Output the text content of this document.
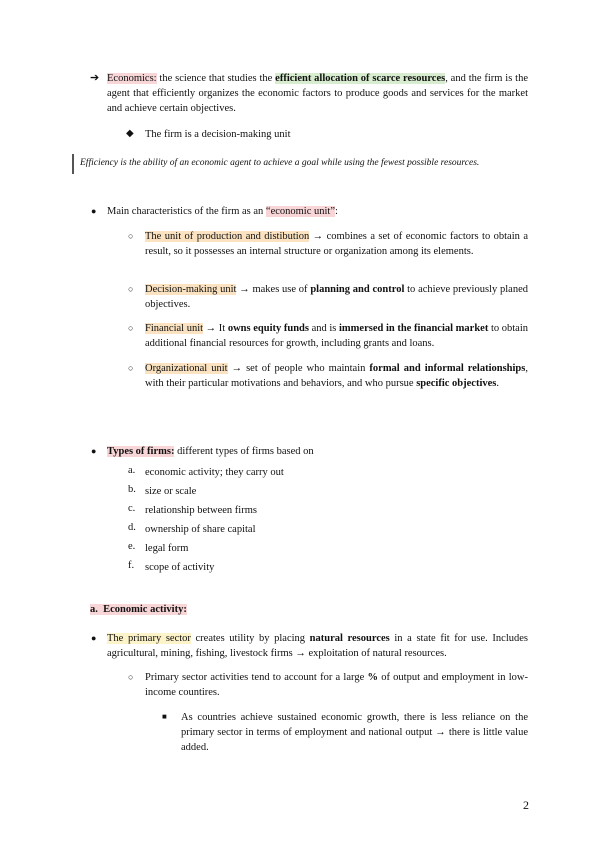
➔ Economics: the science that studies the efficient allocation of scarce resources, and the firm is the agent that efficiently organizes the economic factors to produce goods and services for the market and achieve certain objectives.
◆ The firm is a decision-making unit
Efficiency is the ability of an economic agent to achieve a goal while using the fewest possible resources.
● Main characteristics of the firm as an “economic unit”:
○ The unit of production and distibution → combines a set of economic factors to obtain a result, so it possesses an internal structure or organization among its elements.
○ Decision-making unit → makes use of planning and control to achieve previously planed objectives.
○ Financial unit → It owns equity funds and is immersed in the financial market to obtain additional financial resources for growth, including grants and loans.
○ Organizational unit → set of people who maintain formal and informal relationships, with their particular motivations and behaviors, and who pursue specific objectives.
● Types of firms: different types of firms based on
a. economic activity; they carry out
b. size or scale
c. relationship between firms
d. ownership of share capital
e. legal form
f. scope of activity
a. Economic activity:
● The primary sector creates utility by placing natural resources in a state fit for use. Includes agricultural, mining, fishing, livestock firms → exploitation of natural resources.
○ Primary sector activities tend to account for a large % of output and employment in low-income countires.
■ As countries achieve sustained economic growth, there is less reliance on the primary sector in terms of employment and national output → there is little value added.
2
